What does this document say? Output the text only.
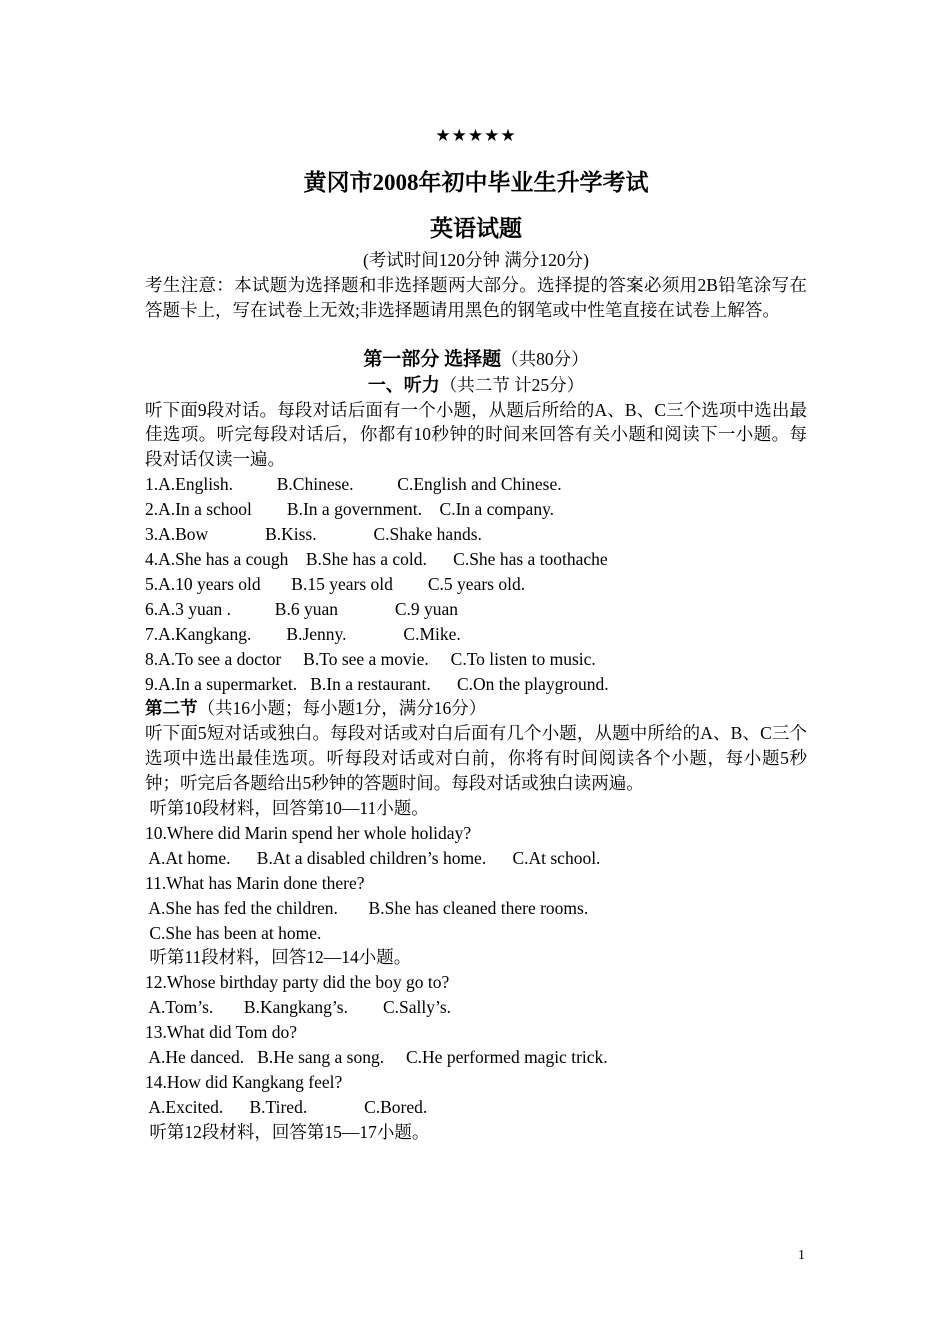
★★★★★
黄冈市2008年初中毕业生升学考试
英语试题
(考试时间120分钟 满分120分)
考生注意：本试题为选择题和非选择题两大部分。选择提的答案必须用2B铅笔涂写在答题卡上，写在试卷上无效;非选择题请用黑色的钢笔或中性笔直接在试卷上解答。
第一部分 选择题（共80分）
一、听力（共二节 计25分）
听下面9段对话。每段对话后面有一个小题，从题后所给的A、B、C三个选项中选出最佳选项。听完每段对话后，你都有10秒钟的时间来回答有关小题和阅读下一小题。每段对话仅读一遍。
1.A.English.          B.Chinese.          C.English and Chinese.
2.A.In a school        B.In a government.    C.In a company.
3.A.Bow             B.Kiss.             C.Shake hands.
4.A.She has a cough    B.She has a cold.      C.She has a toothache
5.A.10 years old       B.15 years old        C.5 years old.
6.A.3 yuan .          B.6 yuan             C.9 yuan
7.A.Kangkang.        B.Jenny.             C.Mike.
8.A.To see a doctor     B.To see a movie.     C.To listen to music.
9.A.In a supermarket.   B.In a restaurant.      C.On the playground.
第二节（共16小题；每小题1分，满分16分）
听下面5短对话或独白。每段对话或对白后面有几个小题，从题中所给的A、B、C三个选项中选出最佳选项。听每段对话或对白前，你将有时间阅读各个小题，每小题5秒钟；听完后各题给出5秒钟的答题时间。每段对话或独白读两遍。
听第10段材料，回答第10—11小题。
10.Where did Marin spend her whole holiday?
A.At home.      B.At a disabled children’s home.      C.At school.
11.What has Marin done there?
A.She has fed the children.       B.She has cleaned there rooms.
C.She has been at home.
听第11段材料，回答12—14小题。
12.Whose birthday party did the boy go to?
A.Tom’s.       B.Kangkang’s.        C.Sally’s.
13.What did Tom do?
A.He danced.   B.He sang a song.     C.He performed magic trick.
14.How did Kangkang feel?
A.Excited.      B.Tired.             C.Bored.
听第12段材料，回答第15—17小题。
1
